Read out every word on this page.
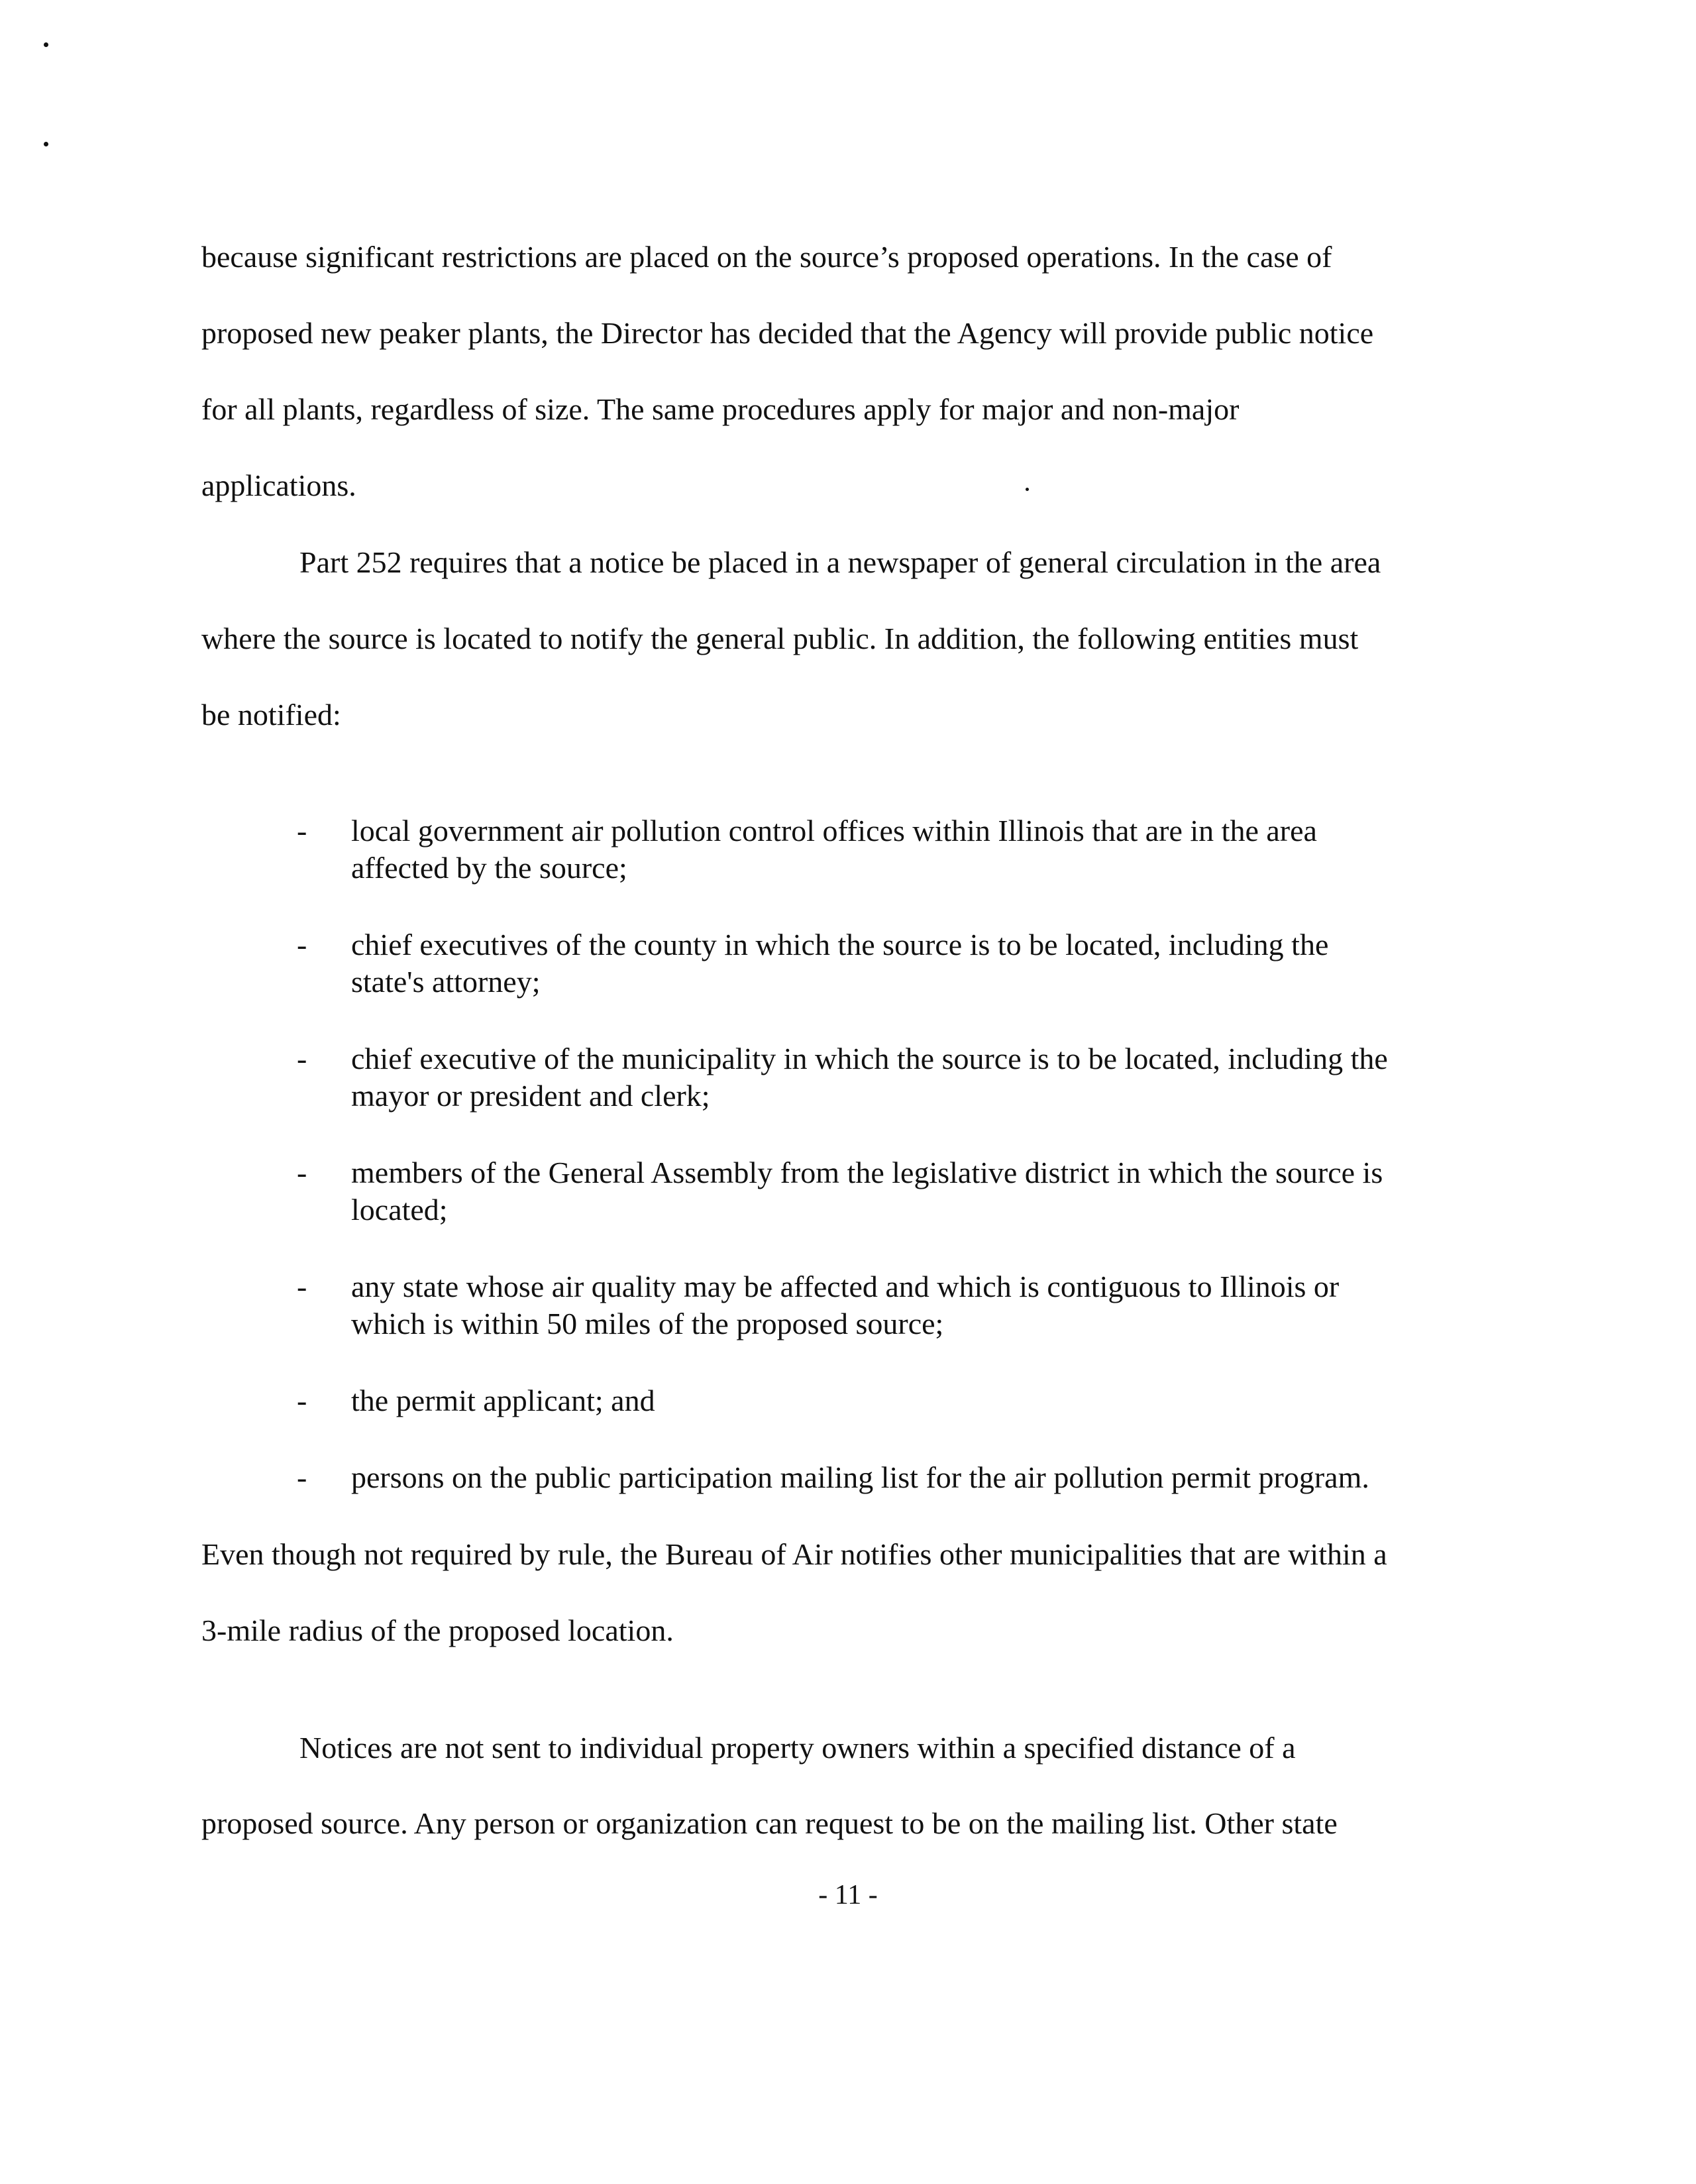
because significant restrictions are placed on the source’s proposed operations. In the case of
proposed new peaker plants, the Director has decided that the Agency will provide public notice
for all plants, regardless of size. The same procedures apply for major and non-major
applications.
Part 252 requires that a notice be placed in a newspaper of general circulation in the area
where the source is located to notify the general public. In addition, the following entities must
be notified:
- local government air pollution control offices within Illinois that are in the area
affected by the source;
- chief executives of the county in which the source is to be located, including the
state's attorney;
- chief executive of the municipality in which the source is to be located, including the
mayor or president and clerk;
- members of the General Assembly from the legislative district in which the source is
located;
- any state whose air quality may be affected and which is contiguous to Illinois or
which is within 50 miles of the proposed source;
- the permit applicant; and
- persons on the public participation mailing list for the air pollution permit program.
Even though not required by rule, the Bureau of Air notifies other municipalities that are within a
3-mile radius of the proposed location.
Notices are not sent to individual property owners within a specified distance of a
proposed source. Any person or organization can request to be on the mailing list. Other state
- 11 -
